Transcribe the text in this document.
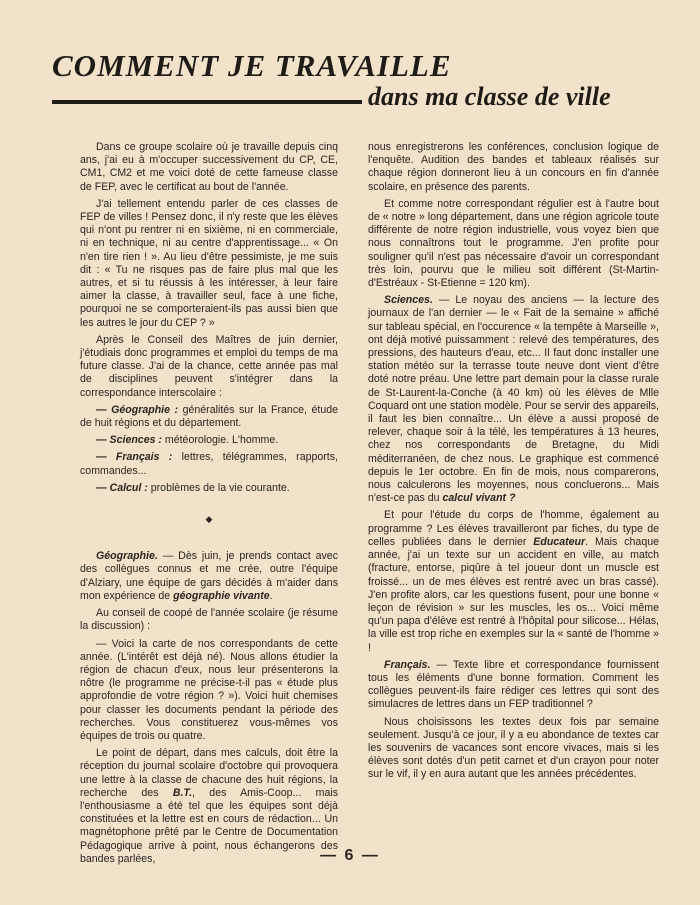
COMMENT JE TRAVAILLE
dans ma classe de ville

Dans ce groupe scolaire où je travaille depuis cinq ans, j'ai eu à m'occuper successivement du CP, CE, CM1, CM2 et me voici doté de cette fameuse classe de FEP, avec le certificat au bout de l'année.

J'ai tellement entendu parler de ces classes de FEP de villes ! Pensez donc, il n'y reste que les élèves qui n'ont pu rentrer ni en sixième, ni en commerciale, ni en technique, ni au centre d'apprentissage... « On n'en tire rien ! ». Au lieu d'être pessimiste, je me suis dit : « Tu ne risques pas de faire plus mal que les autres, et si tu réussis à les intéresser, à leur faire aimer la classe, à travailler seul, face à une fiche, pourquoi ne se comporteraient-ils pas aussi bien que les autres le jour du CEP ? »

Après le Conseil des Maîtres de juin dernier, j'étudiais donc programmes et emploi du temps de ma future classe. J'ai de la chance, cette année pas mal de disciplines peuvent s'intégrer dans la correspondance interscolaire :

— Géographie : généralités sur la France, étude de huit régions et du département.

— Sciences : météorologie. L'homme.

— Français : lettres, télégrammes, rapports, commandes...

— Calcul : problèmes de la vie courante.

◆

Géographie. — Dès juin, je prends contact avec des collègues connus et me crée, outre l'équipe d'Alziary, une équipe de gars décidés à m'aider dans mon expérience de géographie vivante.

Au conseil de coopé de l'année scolaire (je résume la discussion) :

— Voici la carte de nos correspondants de cette année. (L'intérêt est déjà né). Nous allons étudier la région de chacun d'eux, nous leur présenterons la nôtre (le programme ne précise-t-il pas « étude plus approfondie de votre région ? »). Voici huit chemises pour classer les documents pendant la période des recherches. Vous constituerez vous-mêmes vos équipes de trois ou quatre.

Le point de départ, dans mes calculs, doit être la réception du journal scolaire d'octobre qui provoquera une lettre à la classe de chacune des huit régions, la recherche des B.T., des Amis-Coop... mais l'enthousiasme a été tel que les équipes sont déjà constituées et la lettre est en cours de rédaction... Un magnétophone prêté par le Centre de Documentation Pédagogique arrive à point, nous échangerons des bandes parlées,

nous enregistrerons les conférences, conclusion logique de l'enquête. Audition des bandes et tableaux réalisés sur chaque région donneront lieu à un concours en fin d'année scolaire, en présence des parents.

Et comme notre correspondant régulier est à l'autre bout de « notre » long département, dans une région agricole toute différente de notre région industrielle, vous voyez bien que nous connaîtrons tout le programme. J'en profite pour souligner qu'il n'est pas nécessaire d'avoir un correspondant très loin, pourvu que le milieu soit différent (St-Martin-d'Estréaux - St-Etienne = 120 km).

Sciences. — Le noyau des anciens — la lecture des journaux de l'an dernier — le « Fait de la semaine » affiché sur tableau spécial, en l'occurence « la tempête à Marseille », ont déjà motivé puissamment : relevé des températures, des pressions, des hauteurs d'eau, etc... Il faut donc installer une station météo sur la terrasse toute neuve dont vient d'être doté notre préau. Une lettre part demain pour la classe rurale de St-Laurent-la-Conche (à 40 km) où les élèves de Mlle Coquard ont une station modèle. Pour se servir des appareils, il faut les bien connaître... Un élève a aussi proposé de relever, chaque soir à la télé, les températures à 13 heures, chez nos correspondants de Bretagne, du Midi méditerranéen, de chez nous. Le graphique est commencé depuis le 1er octobre. En fin de mois, nous comparerons, nous calculerons les moyennes, nous concluerons... Mais n'est-ce pas du calcul vivant ?

Et pour l'étude du corps de l'homme, également au programme ? Les élèves travailleront par fiches, du type de celles publiées dans le dernier Educateur. Mais chaque année, j'ai un texte sur un accident en ville, au match (fracture, entorse, piqûre à tel joueur dont un muscle est froissé... un de mes élèves est rentré avec un bras cassé). J'en profite alors, car les questions fusent, pour une bonne « leçon de révision » sur les muscles, les os... Voici même qu'un papa d'élève est rentré à l'hôpital pour silicose... Hélas, la ville est trop riche en exemples sur la « santé de l'homme » !

Français. — Texte libre et correspondance fournissent tous les éléments d'une bonne formation. Comment les collègues peuvent-ils faire rédiger ces lettres qui sont des simulacres de lettres dans un FEP traditionnel ?

Nous choisissons les textes deux fois par semaine seulement. Jusqu'à ce jour, il y a eu abondance de textes car les souvenirs de vacances sont encore vivaces, mais si les élèves sont dotés d'un petit carnet et d'un crayon pour noter sur le vif, il y en aura autant que les années précédentes.

— 6 —
